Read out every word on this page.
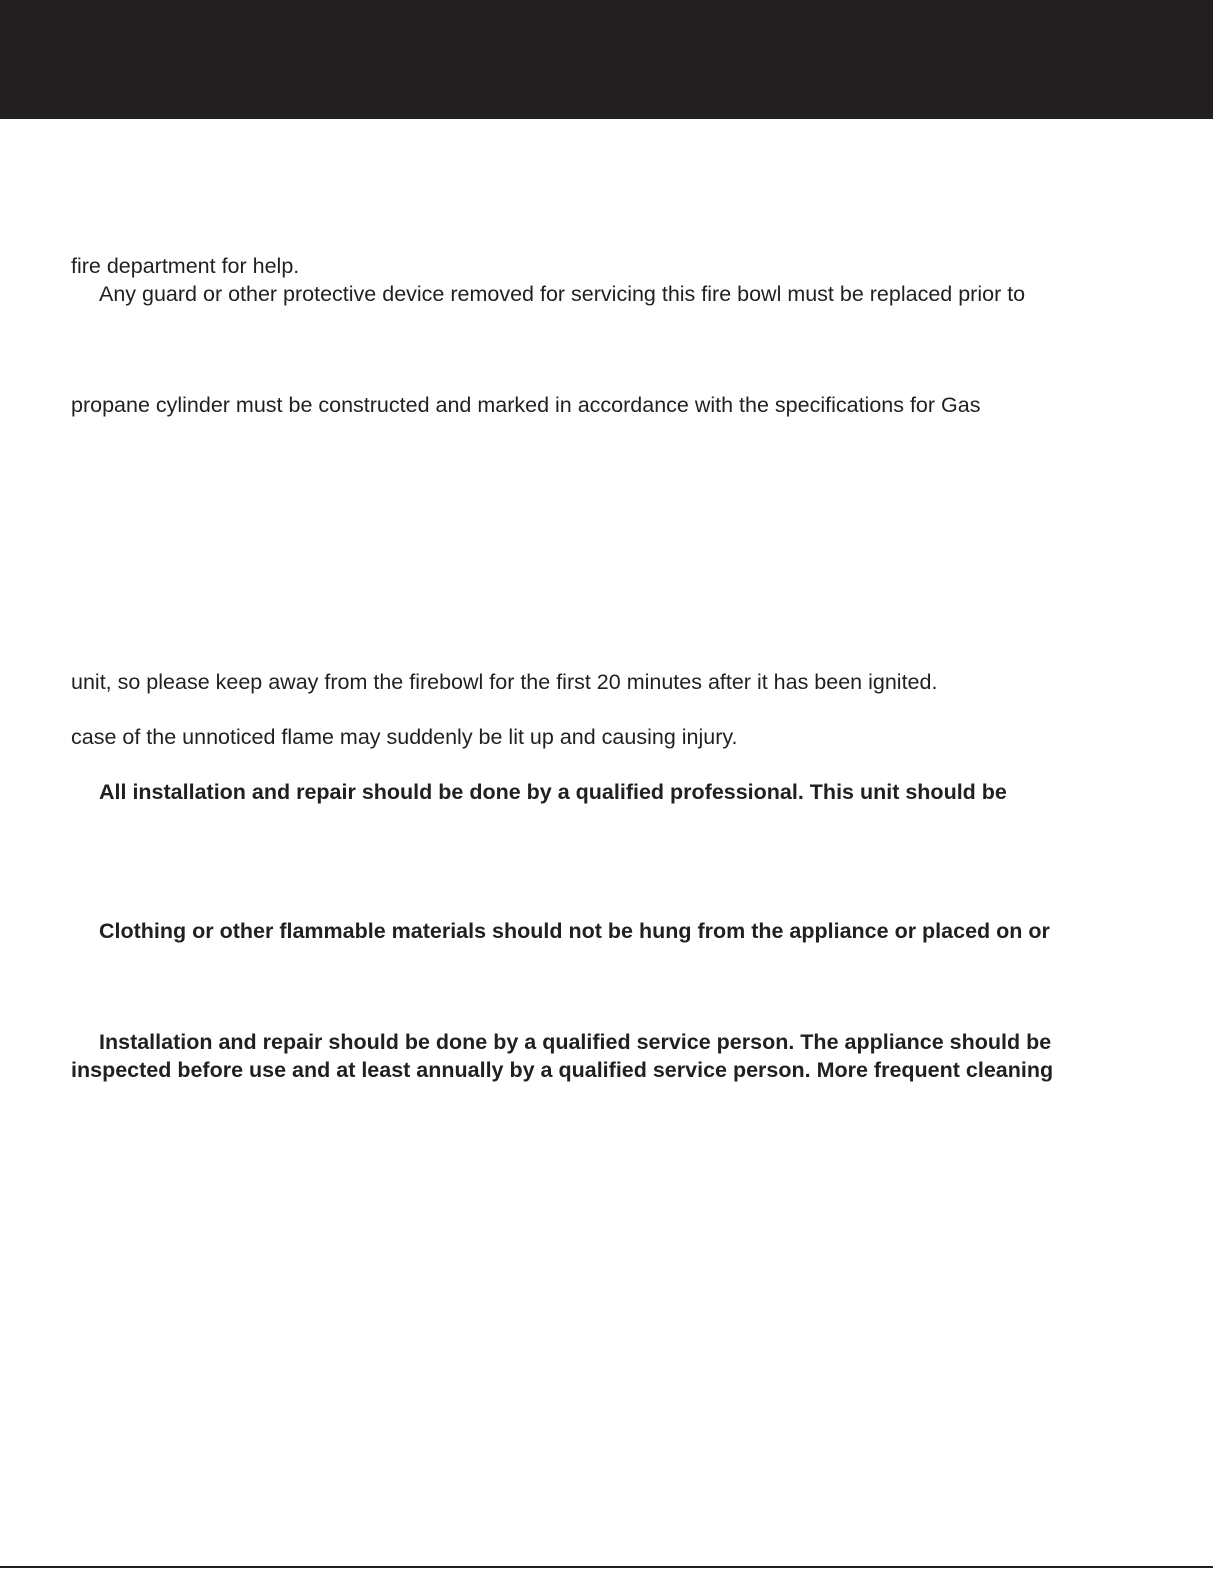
fire department for help.
Any guard or other protective device removed for servicing this fire bowl must be replaced prior to
propane cylinder must be constructed and marked in accordance with the specifications for Gas
unit, so please keep away from the firebowl for the first 20 minutes after it has been ignited.
case of the unnoticed flame may suddenly be lit up and causing injury.
All installation and repair should be done by a qualified professional. This unit should be
Clothing or other flammable materials should not be hung from the appliance or placed on or
Installation and repair should be done by a qualified service person. The appliance should be
inspected before use and at least annually by a qualified service person. More frequent cleaning
